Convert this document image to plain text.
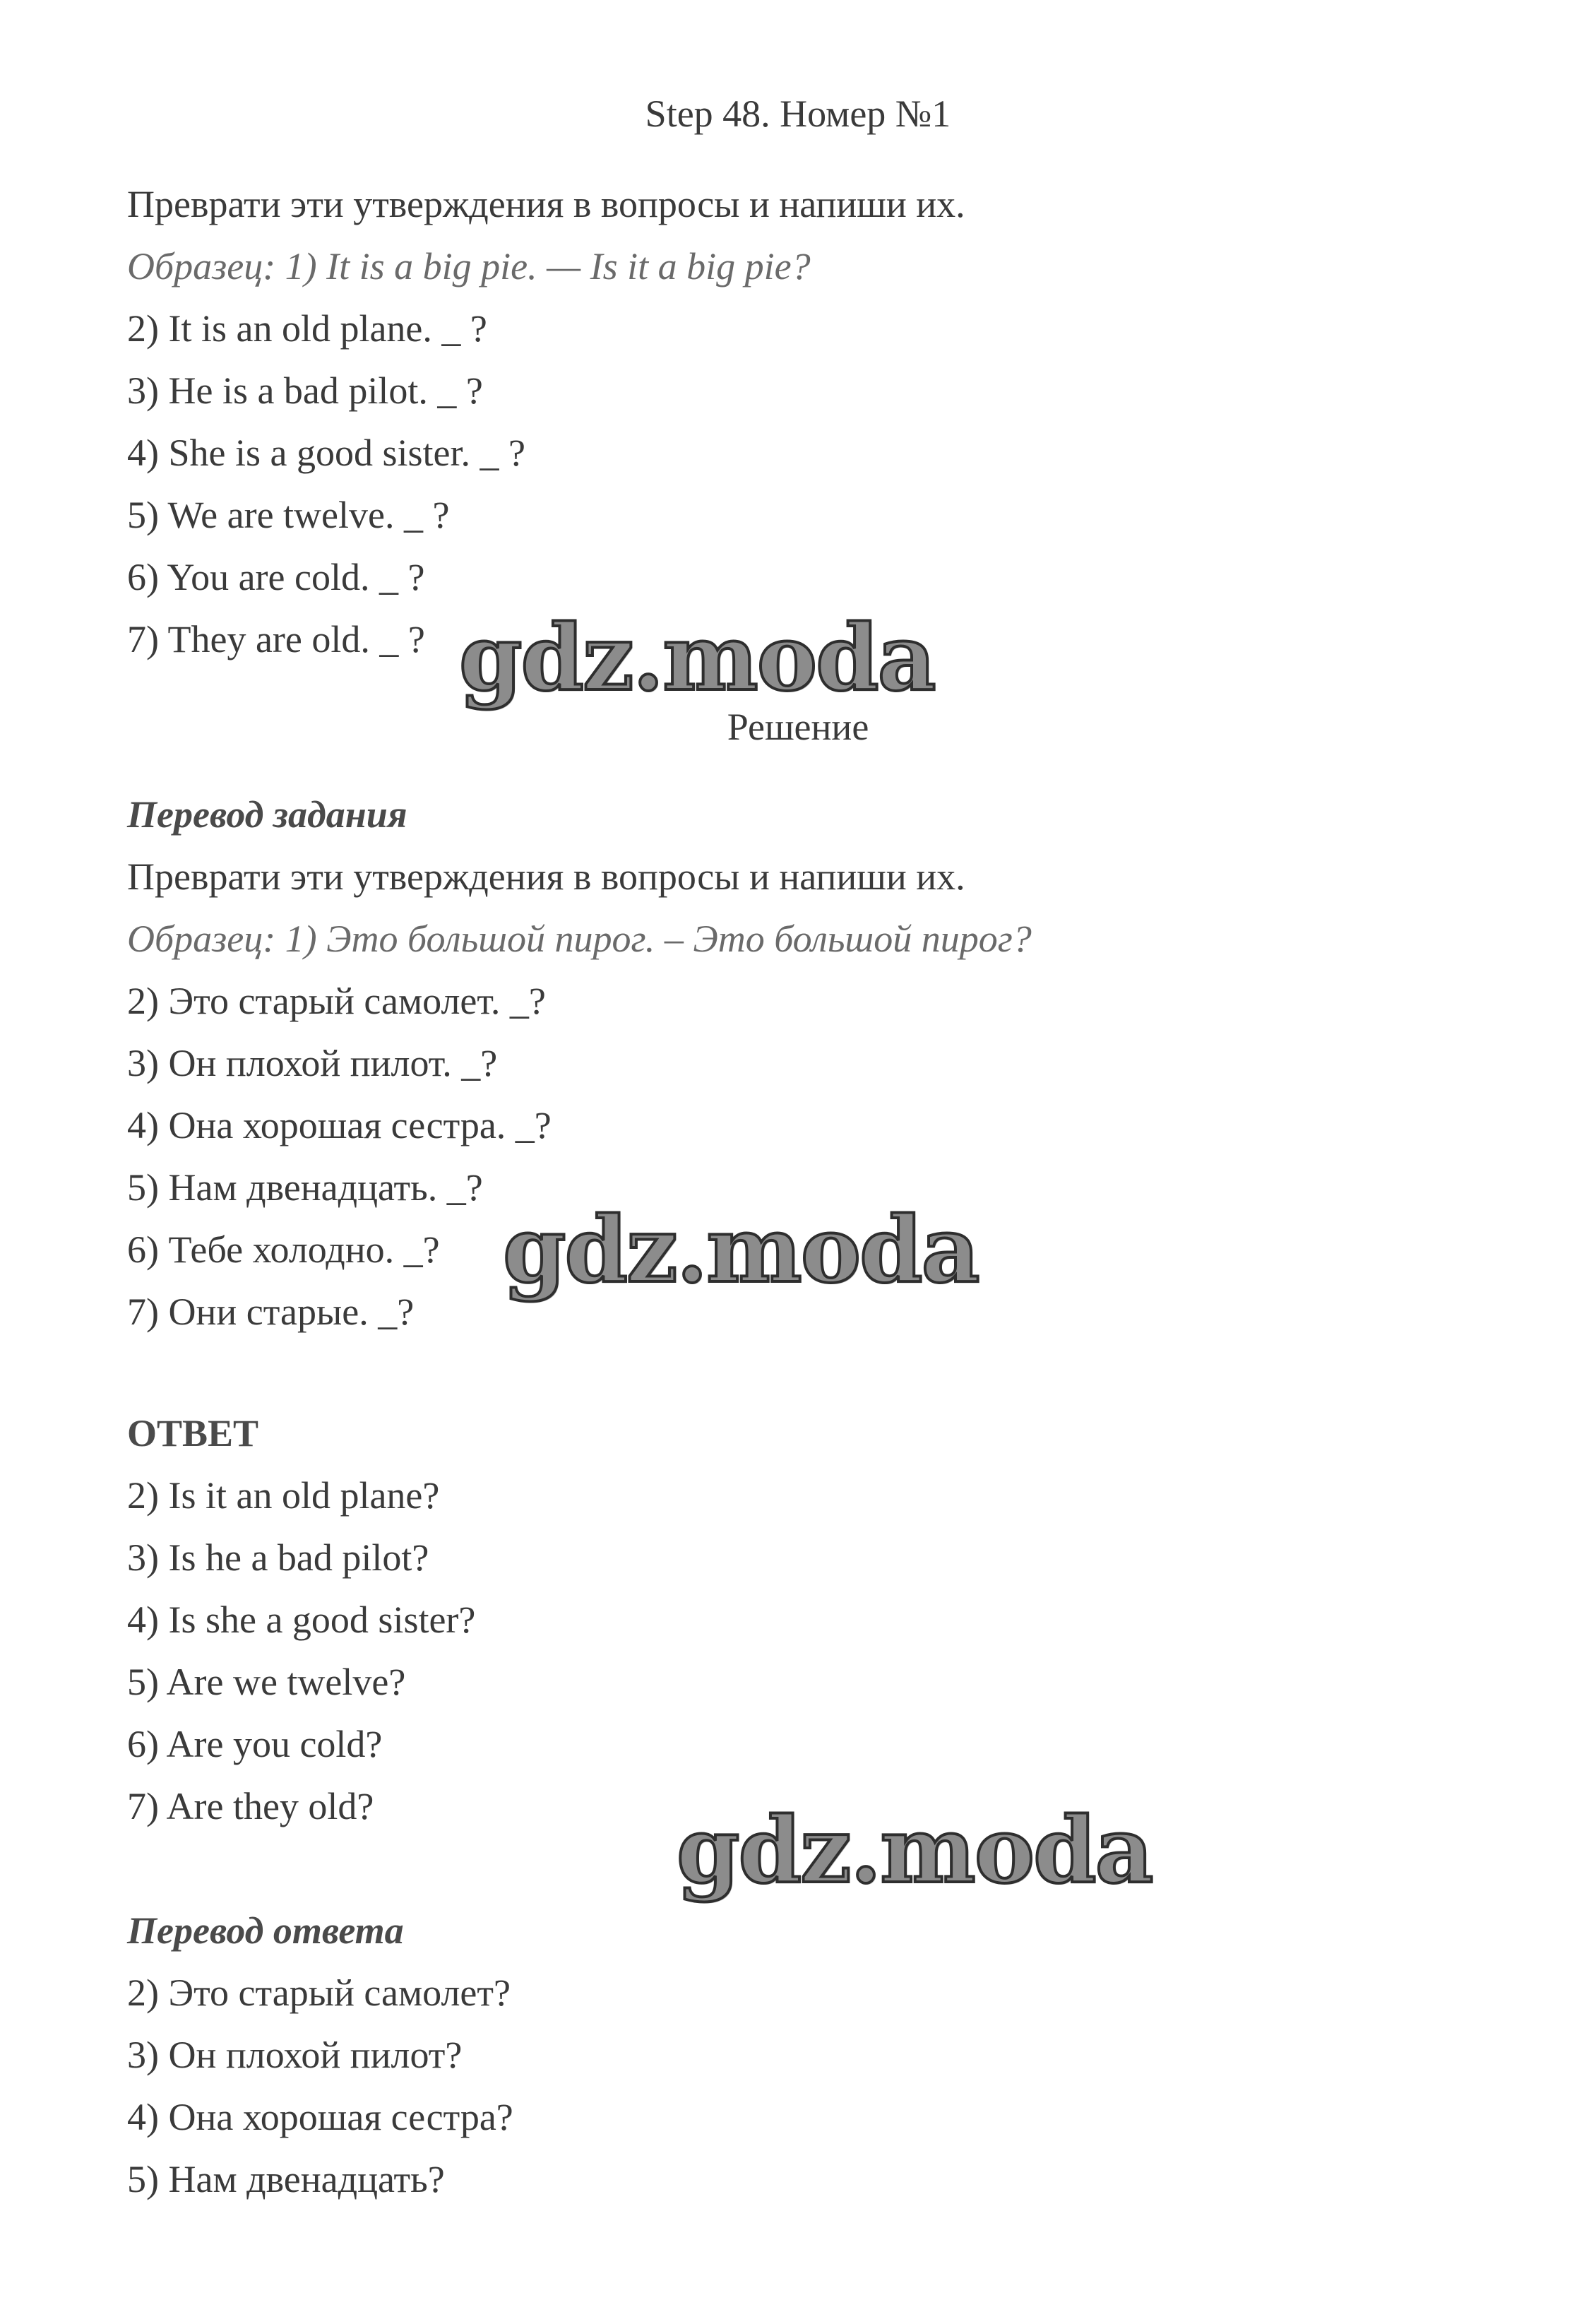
Step 48. Номер №1
Преврати эти утверждения в вопросы и напиши их.
Образец: 1) It is a big pie. — Is it a big pie?
2) It is an old plane. _ ?
3) He is a bad pilot. _ ?
4) She is a good sister. _ ?
5) We are twelve. _ ?
6) You are cold. _ ?
7) They are old. _ ? gdz.moda
Решение
Перевод задания
Преврати эти утверждения в вопросы и напиши их.
Образец: 1) Это большой пирог. – Это большой пирог?
2) Это старый самолет. _?
3) Он плохой пилот. _?
4) Она хорошая сестра. _?
5) Нам двенадцать. _?
6) Тебе холодно. _?
7) Они старые. _?
gdz.moda
ОТВЕТ
2) Is it an old plane?
3) Is he a bad pilot?
4) Is she a good sister?
5) Are we twelve?
6) Are you cold?
7) Are they old?	gdz.moda
Перевод ответа
2) Это старый самолет?
3) Он плохой пилот?
4) Она хорошая сестра?
5) Нам двенадцать?
